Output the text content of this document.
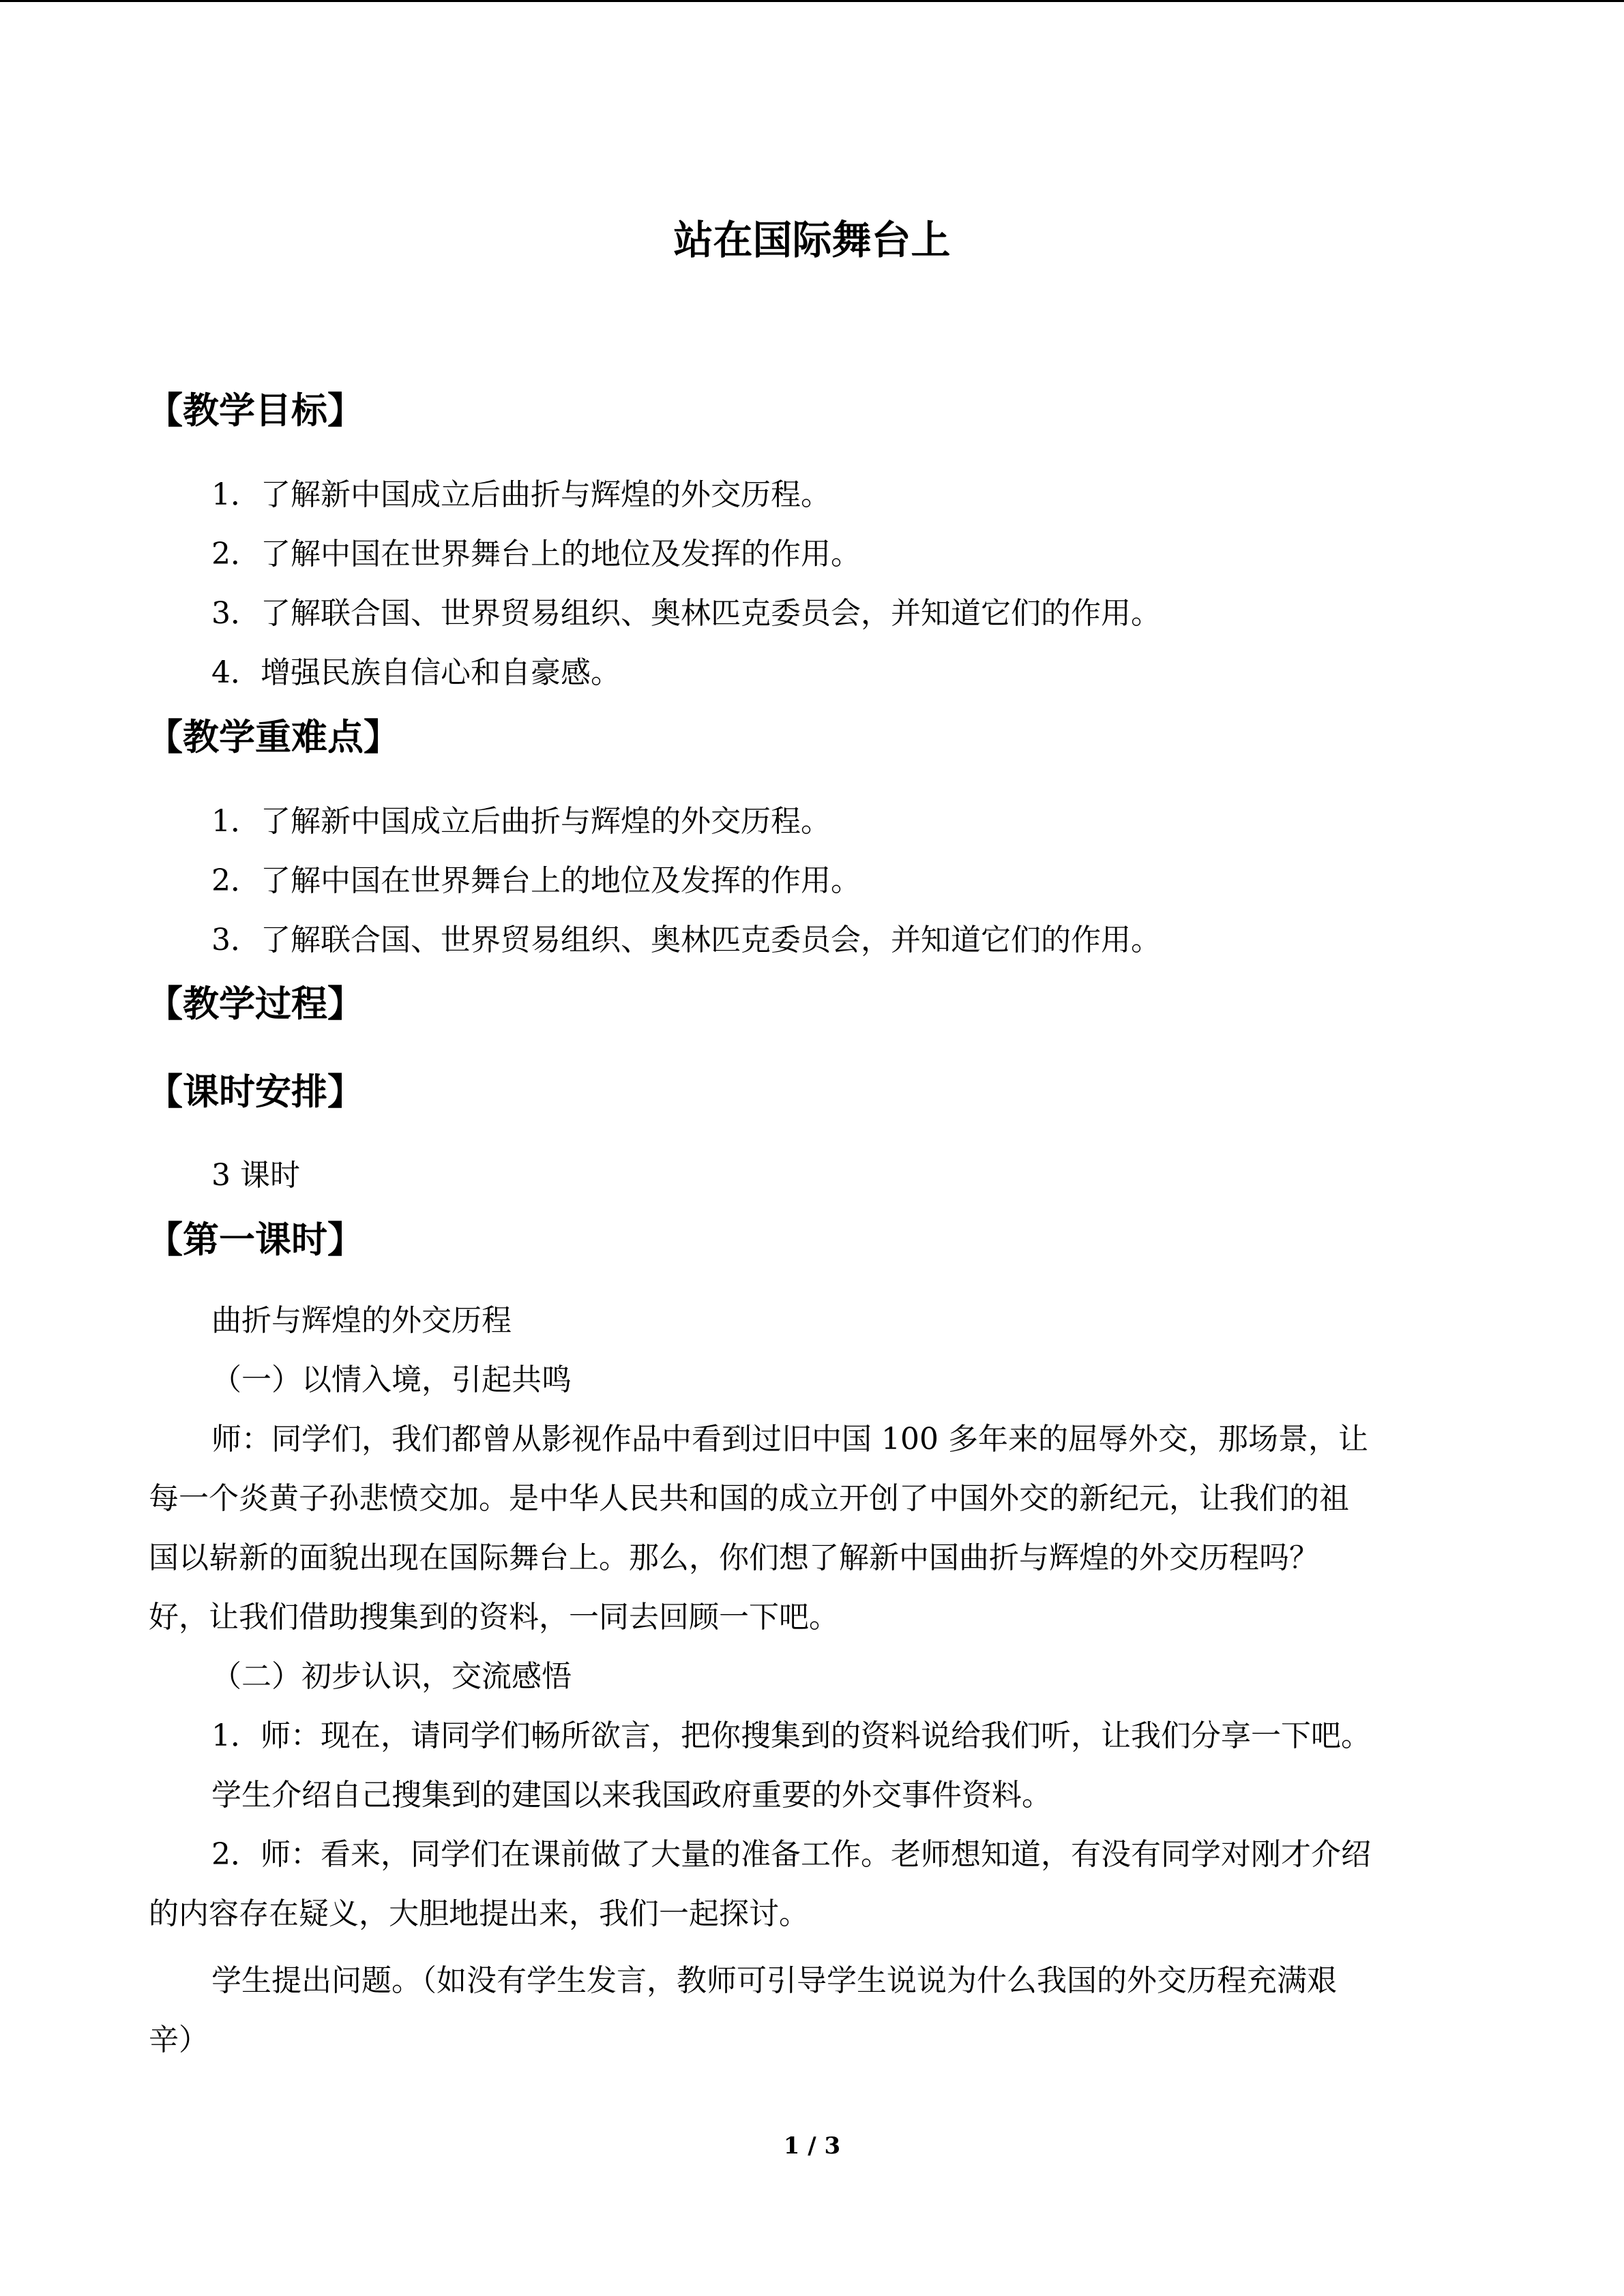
站在国际舞台上
【教学目标】
1．了解新中国成立后曲折与辉煌的外交历程。
2．了解中国在世界舞台上的地位及发挥的作用。
3．了解联合国、世界贸易组织、奥林匹克委员会，并知道它们的作用。
4．增强民族自信心和自豪感。
【教学重难点】
1．了解新中国成立后曲折与辉煌的外交历程。
2．了解中国在世界舞台上的地位及发挥的作用。
3．了解联合国、世界贸易组织、奥林匹克委员会，并知道它们的作用。
【教学过程】
【课时安排】
3 课时
【第一课时】
曲折与辉煌的外交历程
（一）以情入境，引起共鸣
师：同学们，我们都曾从影视作品中看到过旧中国 100 多年来的屈辱外交，那场景，让
每一个炎黄子孙悲愤交加。是中华人民共和国的成立开创了中国外交的新纪元，让我们的祖
国以崭新的面貌出现在国际舞台上。那么，你们想了解新中国曲折与辉煌的外交历程吗？
好，让我们借助搜集到的资料，一同去回顾一下吧。
（二）初步认识，交流感悟
1．师：现在，请同学们畅所欲言，把你搜集到的资料说给我们听，让我们分享一下吧。
学生介绍自己搜集到的建国以来我国政府重要的外交事件资料。
2．师：看来，同学们在课前做了大量的准备工作。老师想知道，有没有同学对刚才介绍
的内容存在疑义，大胆地提出来，我们一起探讨。
学生提出问题。（如没有学生发言，教师可引导学生说说为什么我国的外交历程充满艰
辛）
1 / 3
